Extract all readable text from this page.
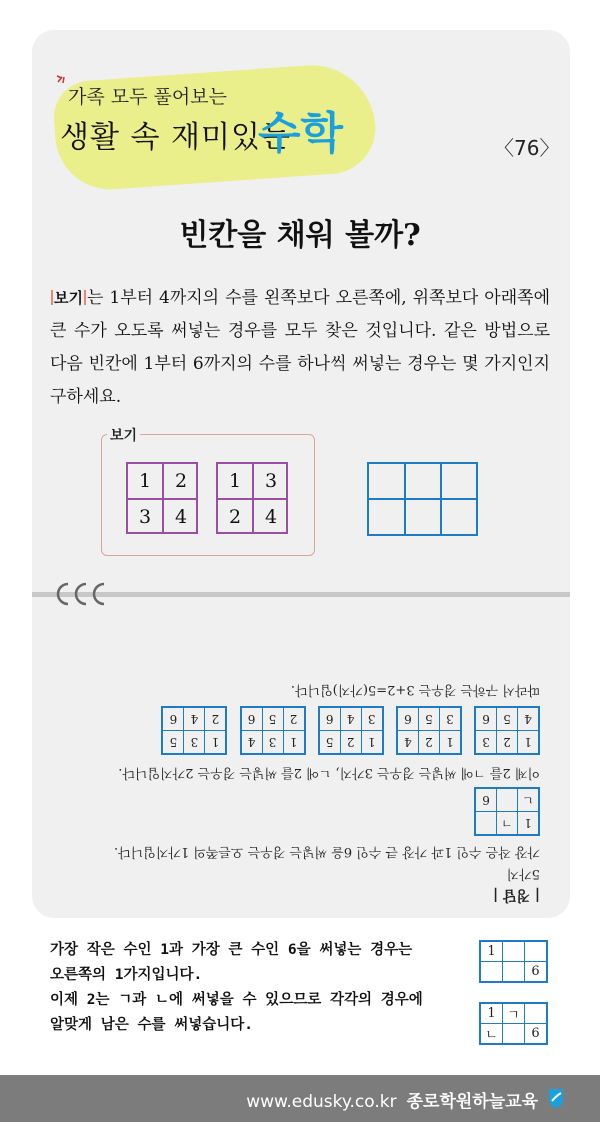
가족 모두 풀어보는
생활 속 재미있는
수학	〈76〉
빈칸을 채워 볼까?
보기 는 1부터 4까지의 수를 왼쪽보다 오른쪽에, 위쪽보다 아래쪽에 큰 수가 오도록 써넣는 경우를 모두 찾은 것입니다. 같은 방법으로 다음 빈칸에 1부터 6까지의 수를 하나씩 써넣는 경우는 몇 가지인지 구하세요.
보기
1	2
3	4
1	3
2	4
| 정답 |
5가지
가장 작은 수인 1과 가장 큰 수인 6을 써넣는 경우는 오른쪽의 1가지입니다.
1	ㄱ	
ㄴ		6
이제 2를 ㄱ에 써넣는 경우는 3가지, ㄴ에 2를 써넣는 경우는 2가지입니다.
1	2	3
4	5	6

1	2	4
3	5	6

1	2	5
3	4	6

1	3	4
2	5	6

1	3	5
2	4	6
따라서 구하는 경우는 3+2=5(가지)입니다.
가장 작은 수인 1과 가장 큰 수인 6을 써넣는 경우는
오른쪽의 1가지입니다.
이제 2는 ㄱ과 ㄴ에 써넣을 수 있으므로 각각의 경우에
알맞게 남은 수를 써넣습니다.
1		
		6
1	ㄱ	
ㄴ		6
www.edusky.co.kr 종로학원하늘교육
